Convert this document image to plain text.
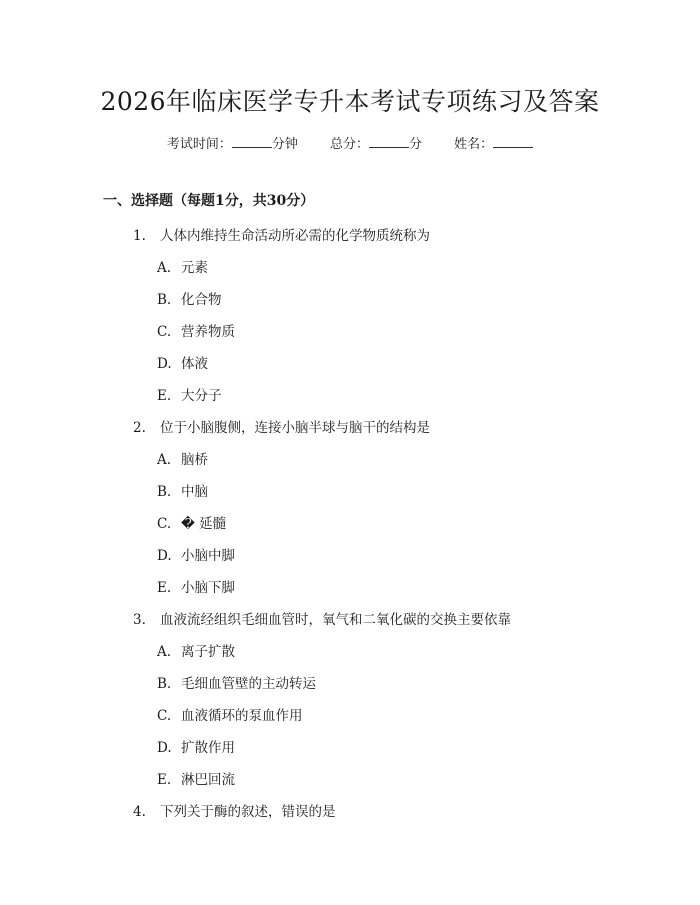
2026年临床医学专升本考试专项练习及答案
考试时间：	分钟 总分：	分 姓名：
一、选择题（每题1分，共30分）
1. 人体内维持生命活动所必需的化学物质统称为
A. 元素
B. 化合物
C. 营养物质
D. 体液
E. 大分子
2. 位于小脑腹侧，连接小脑半球与脑干的结构是
A. 脑桥
B. 中脑
C. � 延髓
D. 小脑中脚
E. 小脑下脚
3. 血液流经组织毛细血管时，氧气和二氧化碳的交换主要依靠
A. 离子扩散
B. 毛细血管壁的主动转运
C. 血液循环的泵血作用
D. 扩散作用
E. 淋巴回流
4. 下列关于酶的叙述，错误的是
